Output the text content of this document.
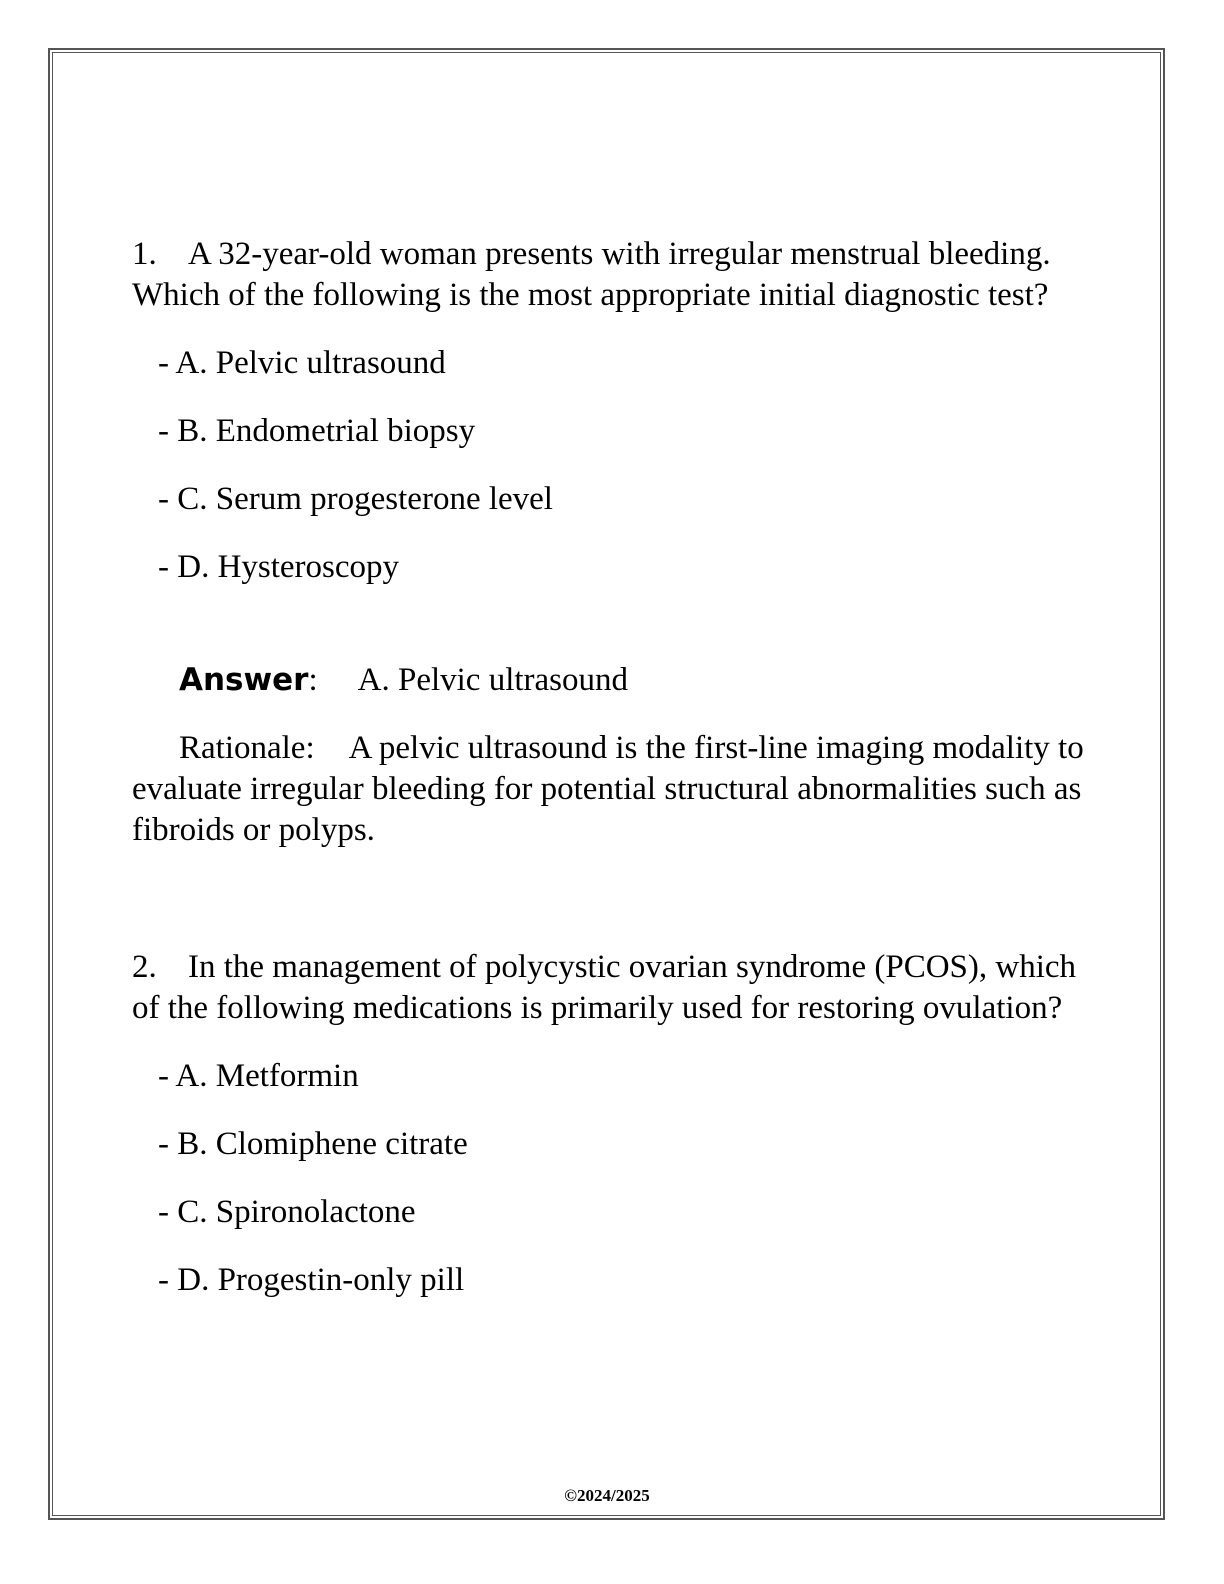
1. A 32-year-old woman presents with irregular menstrual bleeding. Which of the following is the most appropriate initial diagnostic test?

- A. Pelvic ultrasound
- B. Endometrial biopsy
- C. Serum progesterone level
- D. Hysteroscopy
Answer: A. Pelvic ultrasound

Rationale: A pelvic ultrasound is the first-line imaging modality to evaluate irregular bleeding for potential structural abnormalities such as fibroids or polyps.

2. In the management of polycystic ovarian syndrome (PCOS), which of the following medications is primarily used for restoring ovulation?

- A. Metformin
- B. Clomiphene citrate
- C. Spironolactone
- D. Progestin-only pill
©2024/2025
